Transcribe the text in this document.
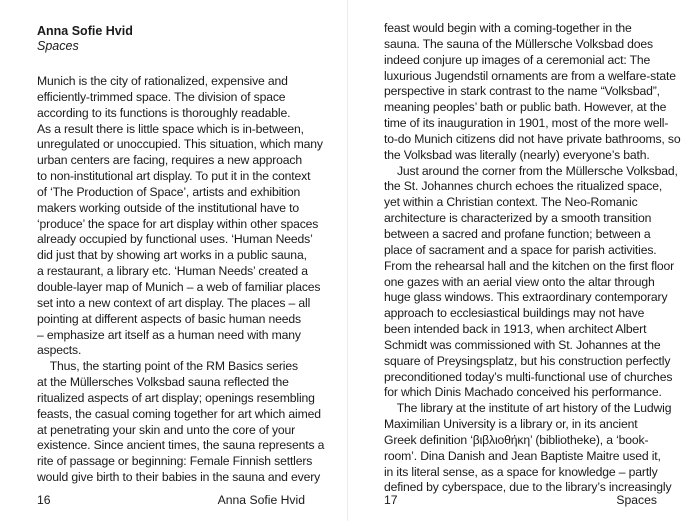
Anna Sofie Hvid
Spaces
Munich is the city of rationalized, expensive and
efficiently-trimmed space. The division of space
according to its functions is thoroughly readable.
As a result there is little space which is in-between,
unregulated or unoccupied. This situation, which many
urban centers are facing, requires a new approach
to non-institutional art display. To put it in the context
of ‘The Production of Space’, artists and exhibition
makers working outside of the institutional have to
‘produce’ the space for art display within other spaces
already occupied by functional uses. ‘Human Needs’
did just that by showing art works in a public sauna,
a restaurant, a library etc. ‘Human Needs’ created a
double-layer map of Munich – a web of familiar places
set into a new context of art display. The places – all
pointing at different aspects of basic human needs
– emphasize art itself as a human need with many
aspects.
Thus, the starting point of the RM Basics series
at the Müllersches Volksbad sauna reflected the
ritualized aspects of art display; openings resembling
feasts, the casual coming together for art which aimed
at penetrating your skin and unto the core of your
existence. Since ancient times, the sauna represents a
rite of passage or beginning: Female Finnish settlers
would give birth to their babies in the sauna and every
16	Anna Sofie Hvid
feast would begin with a coming-together in the
sauna. The sauna of the Müllersche Volksbad does
indeed conjure up images of a ceremonial act: The
luxurious Jugendstil ornaments are from a welfare-state
perspective in stark contrast to the name “Volksbad”,
meaning peoples’ bath or public bath. However, at the
time of its inauguration in 1901, most of the more well-
to-do Munich citizens did not have private bathrooms, so
the Volksbad was literally (nearly) everyone’s bath.
Just around the corner from the Müllersche Volksbad,
the St. Johannes church echoes the ritualized space,
yet within a Christian context. The Neo-Romanic
architecture is characterized by a smooth transition
between a sacred and profane function; between a
place of sacrament and a space for parish activities.
From the rehearsal hall and the kitchen on the first floor
one gazes with an aerial view onto the altar through
huge glass windows. This extraordinary contemporary
approach to ecclesiastical buildings may not have
been intended back in 1913, when architect Albert
Schmidt was commissioned with St. Johannes at the
square of Preysingsplatz, but his construction perfectly
preconditioned today’s multi-functional use of churches
for which Dinis Machado conceived his performance.
The library at the institute of art history of the Ludwig
Maximilian University is a library or, in its ancient
Greek definition ‘βιβλιοθήκη’ (bibliotheke), a ‘book-
room’. Dina Danish and Jean Baptiste Maitre used it,
in its literal sense, as a space for knowledge – partly
defined by cyberspace, due to the library’s increasingly
17	Spaces
